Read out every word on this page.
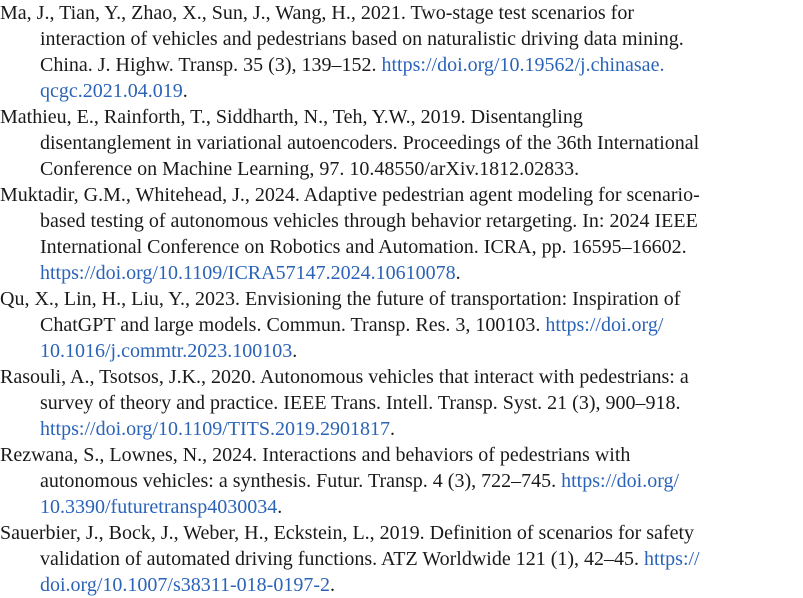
Ma, J., Tian, Y., Zhao, X., Sun, J., Wang, H., 2021. Two-stage test scenarios for
interaction of vehicles and pedestrians based on naturalistic driving data mining.
China. J. Highw. Transp. 35 (3), 139–152. https://doi.org/10.19562/j.chinasae.
qcgc.2021.04.019.
Mathieu, E., Rainforth, T., Siddharth, N., Teh, Y.W., 2019. Disentangling
disentanglement in variational autoencoders. Proceedings of the 36th International
Conference on Machine Learning, 97. 10.48550/arXiv.1812.02833.
Muktadir, G.M., Whitehead, J., 2024. Adaptive pedestrian agent modeling for scenario-
based testing of autonomous vehicles through behavior retargeting. In: 2024 IEEE
International Conference on Robotics and Automation. ICRA, pp. 16595–16602.
https://doi.org/10.1109/ICRA57147.2024.10610078.
Qu, X., Lin, H., Liu, Y., 2023. Envisioning the future of transportation: Inspiration of
ChatGPT and large models. Commun. Transp. Res. 3, 100103. https://doi.org/
10.1016/j.commtr.2023.100103.
Rasouli, A., Tsotsos, J.K., 2020. Autonomous vehicles that interact with pedestrians: a
survey of theory and practice. IEEE Trans. Intell. Transp. Syst. 21 (3), 900–918.
https://doi.org/10.1109/TITS.2019.2901817.
Rezwana, S., Lownes, N., 2024. Interactions and behaviors of pedestrians with
autonomous vehicles: a synthesis. Futur. Transp. 4 (3), 722–745. https://doi.org/
10.3390/futuretransp4030034.
Sauerbier, J., Bock, J., Weber, H., Eckstein, L., 2019. Definition of scenarios for safety
validation of automated driving functions. ATZ Worldwide 121 (1), 42–45. https://
doi.org/10.1007/s38311-018-0197-2.
